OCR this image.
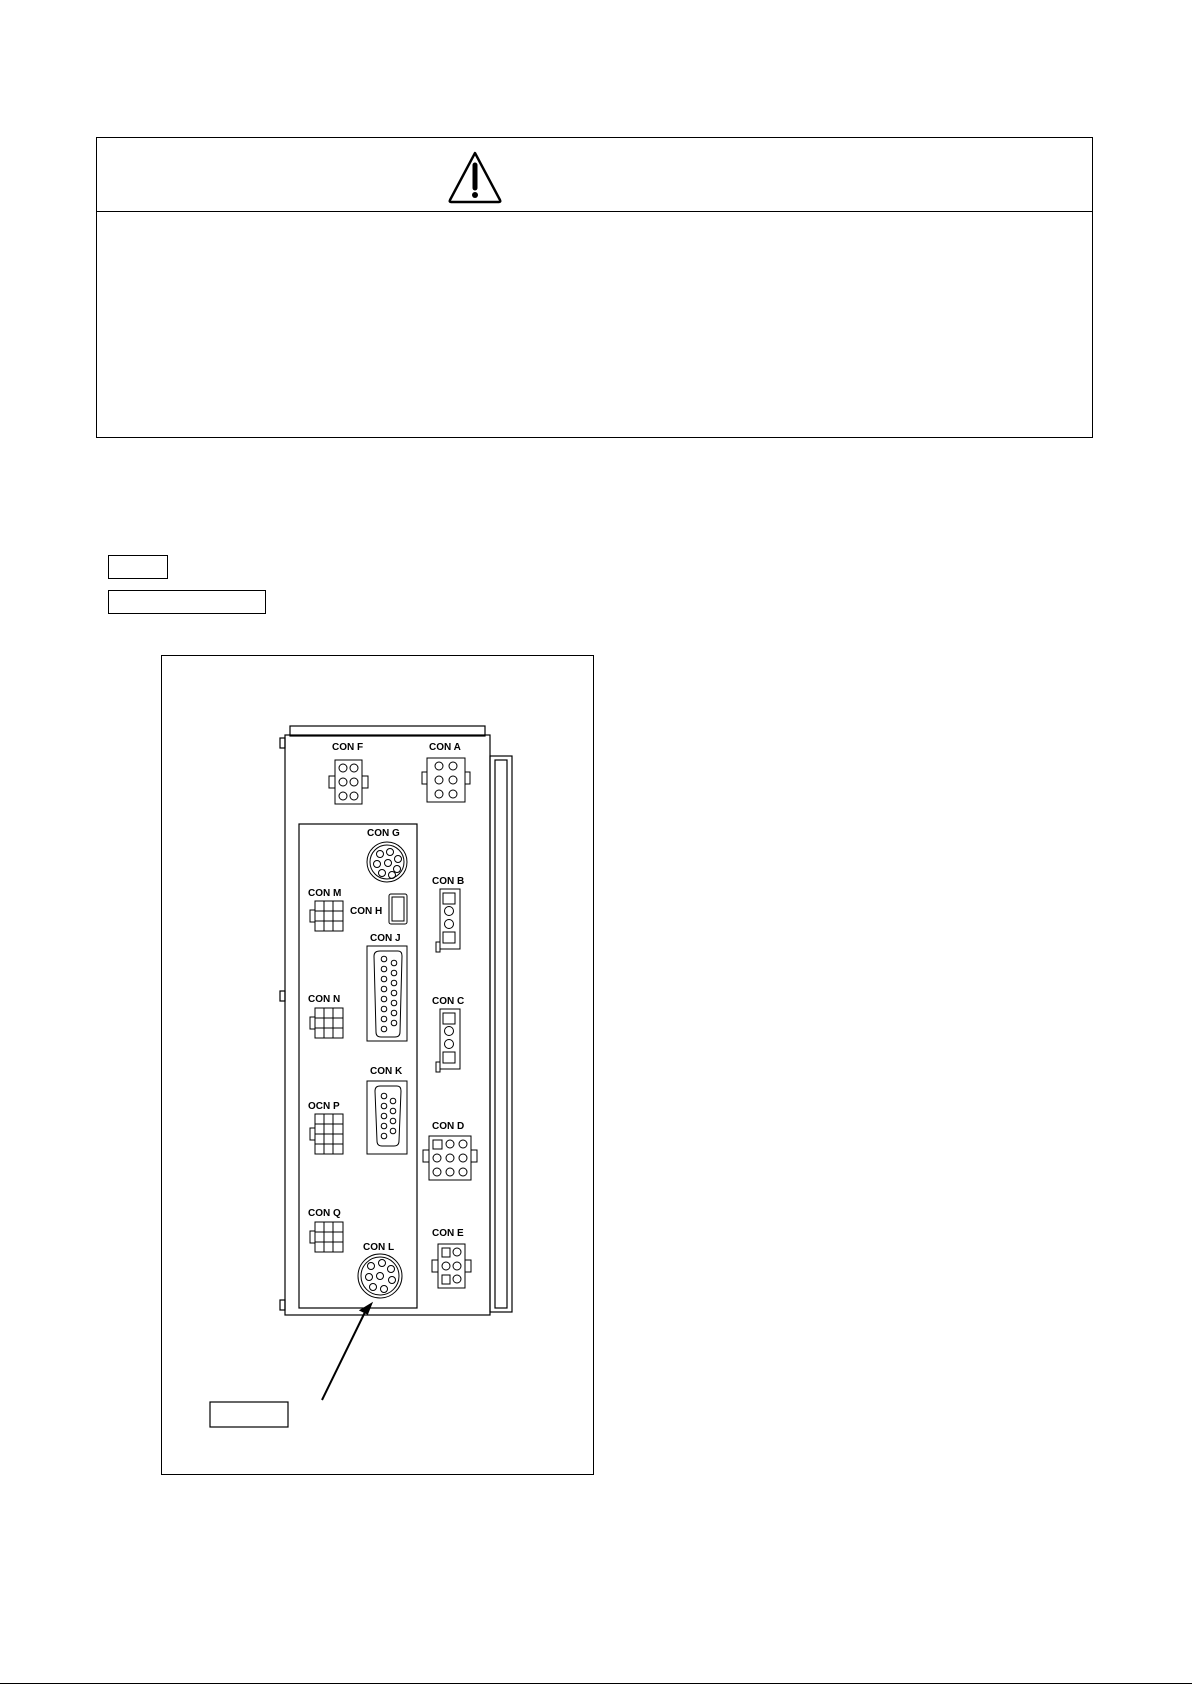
CON F	CON A
CON G
CON M
CON H
CON B
CON J
CON N	CON C
CON K
OCN P
CON D
CON Q
CON E
CON L
